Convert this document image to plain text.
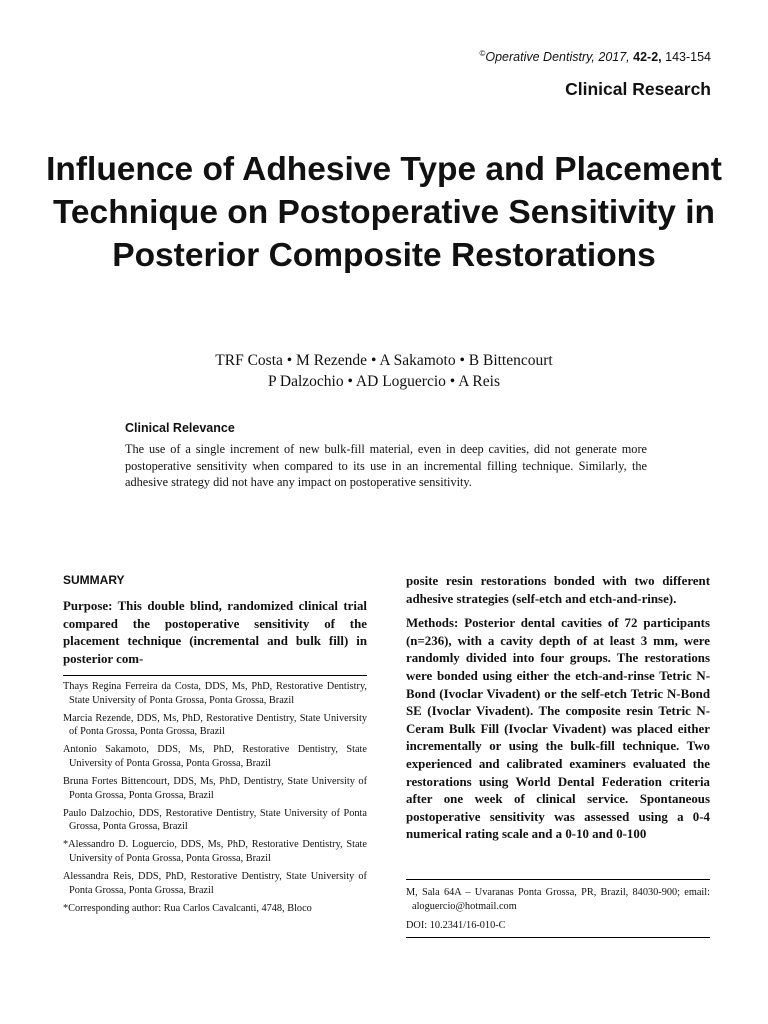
©Operative Dentistry, 2017, 42-2, 143-154
Clinical Research
Influence of Adhesive Type and Placement Technique on Postoperative Sensitivity in Posterior Composite Restorations
TRF Costa • M Rezende • A Sakamoto • B Bittencourt
P Dalzochio • AD Loguercio • A Reis
Clinical Relevance
The use of a single increment of new bulk-fill material, even in deep cavities, did not generate more postoperative sensitivity when compared to its use in an incremental filling technique. Similarly, the adhesive strategy did not have any impact on postoperative sensitivity.
SUMMARY
Purpose: This double blind, randomized clinical trial compared the postoperative sensitivity of the placement technique (incremental and bulk fill) in posterior com-
Thays Regina Ferreira da Costa, DDS, Ms, PhD, Restorative Dentistry, State University of Ponta Grossa, Ponta Grossa, Brazil
Marcia Rezende, DDS, Ms, PhD, Restorative Dentistry, State University of Ponta Grossa, Ponta Grossa, Brazil
Antonio Sakamoto, DDS, Ms, PhD, Restorative Dentistry, State University of Ponta Grossa, Ponta Grossa, Brazil
Bruna Fortes Bittencourt, DDS, Ms, PhD, Dentistry, State University of Ponta Grossa, Ponta Grossa, Brazil
Paulo Dalzochio, DDS, Restorative Dentistry, State University of Ponta Grossa, Ponta Grossa, Brazil
*Alessandro D. Loguercio, DDS, Ms, PhD, Restorative Dentistry, State University of Ponta Grossa, Ponta Grossa, Brazil
Alessandra Reis, DDS, PhD, Restorative Dentistry, State University of Ponta Grossa, Ponta Grossa, Brazil
*Corresponding author: Rua Carlos Cavalcanti, 4748, Bloco

posite resin restorations bonded with two different adhesive strategies (self-etch and etch-and-rinse).

Methods: Posterior dental cavities of 72 participants (n=236), with a cavity depth of at least 3 mm, were randomly divided into four groups. The restorations were bonded using either the etch-and-rinse Tetric N-Bond (Ivoclar Vivadent) or the self-etch Tetric N-Bond SE (Ivoclar Vivadent). The composite resin Tetric N-Ceram Bulk Fill (Ivoclar Vivadent) was placed either incrementally or using the bulk-fill technique. Two experienced and calibrated examiners evaluated the restorations using World Dental Federation criteria after one week of clinical service. Spontaneous postoperative sensitivity was assessed using a 0-4 numerical rating scale and a 0-10 and 0-100

M, Sala 64A – Uvaranas Ponta Grossa, PR, Brazil, 84030-900; email: aloguercio@hotmail.com
DOI: 10.2341/16-010-C
